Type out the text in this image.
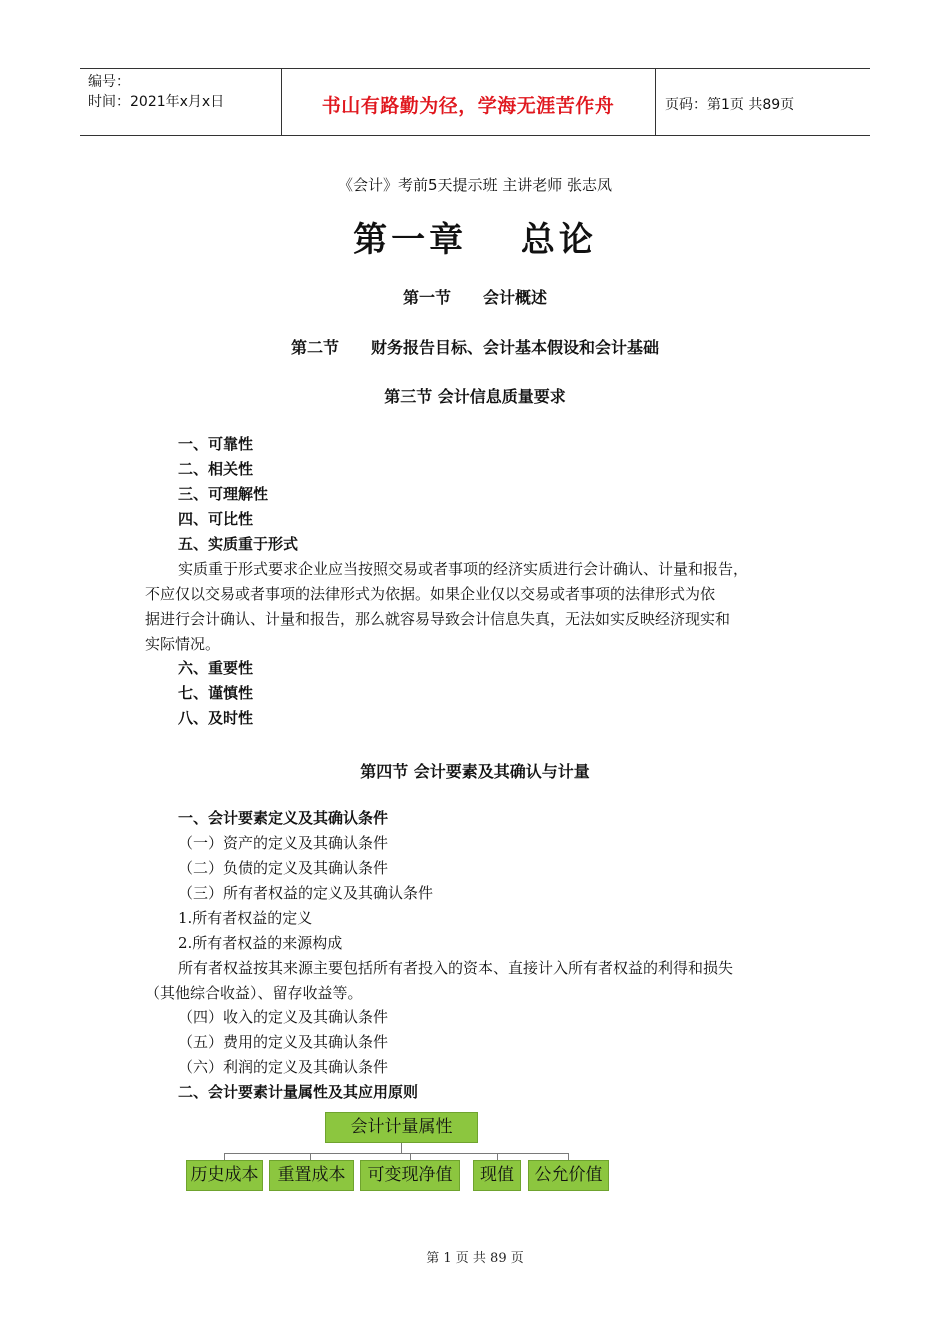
编号：
时间：2021年x月x日	书山有路勤为径，学海无涯苦作舟	页码：第1页 共89页
《会计》考前5天提示班 主讲老师 张志凤
第一章　 总论
第一节　　会计概述
第二节　　财务报告目标、会计基本假设和会计基础
第三节 会计信息质量要求
一、可靠性
二、相关性
三、可理解性
四、可比性
五、实质重于形式
实质重于形式要求企业应当按照交易或者事项的经济实质进行会计确认、计量和报告，
不应仅以交易或者事项的法律形式为依据。如果企业仅以交易或者事项的法律形式为依
据进行会计确认、计量和报告，那么就容易导致会计信息失真，无法如实反映经济现实和
实际情况。
六、重要性
七、谨慎性
八、及时性
第四节 会计要素及其确认与计量
一、会计要素定义及其确认条件
（一）资产的定义及其确认条件
（二）负债的定义及其确认条件
（三）所有者权益的定义及其确认条件
1.所有者权益的定义
2.所有者权益的来源构成
所有者权益按其来源主要包括所有者投入的资本、直接计入所有者权益的利得和损失
（其他综合收益）、留存收益等。
（四）收入的定义及其确认条件
（五）费用的定义及其确认条件
（六）利润的定义及其确认条件
二、会计要素计量属性及其应用原则
会计计量属性
历史成本	重置成本	可变现净值	现值	公允价值
第 1 页 共 89 页
